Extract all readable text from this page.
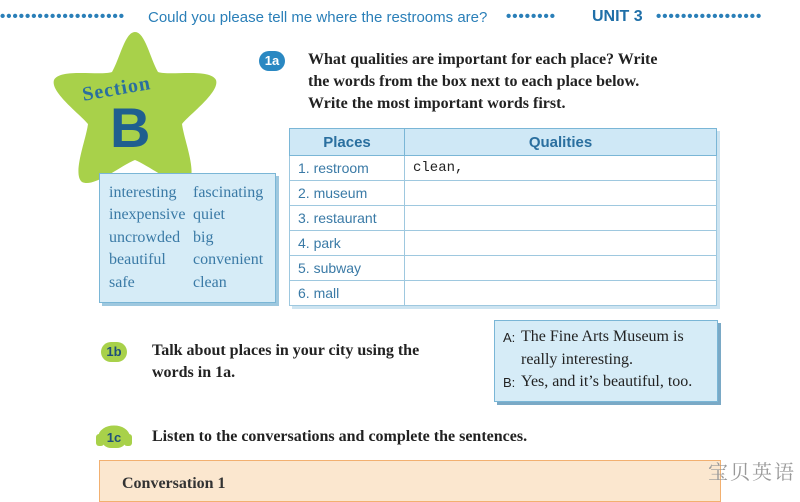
•••••••••••••••••••• Could you please tell me where the restrooms are? •••••••• UNIT 3 •••••••••••••••••
Section
B
interesting fascinating
inexpensive quiet
uncrowded big
beautiful convenient
safe	clean
1a	What qualities are important for each place? Write
the words from the box next to each place below.
Write the most important words first.
Places	Qualities
1. restroom	clean,
2. museum	
3. restaurant	
4. park	
5. subway	
6. mall	
1b	Talk about places in your city using the
words in 1a.
A: The Fine Arts Museum is
really interesting.
B: Yes, and it’s beautiful, too.
1c	Listen to the conversations and complete the sentences.
Conversation 1	宝贝英语
